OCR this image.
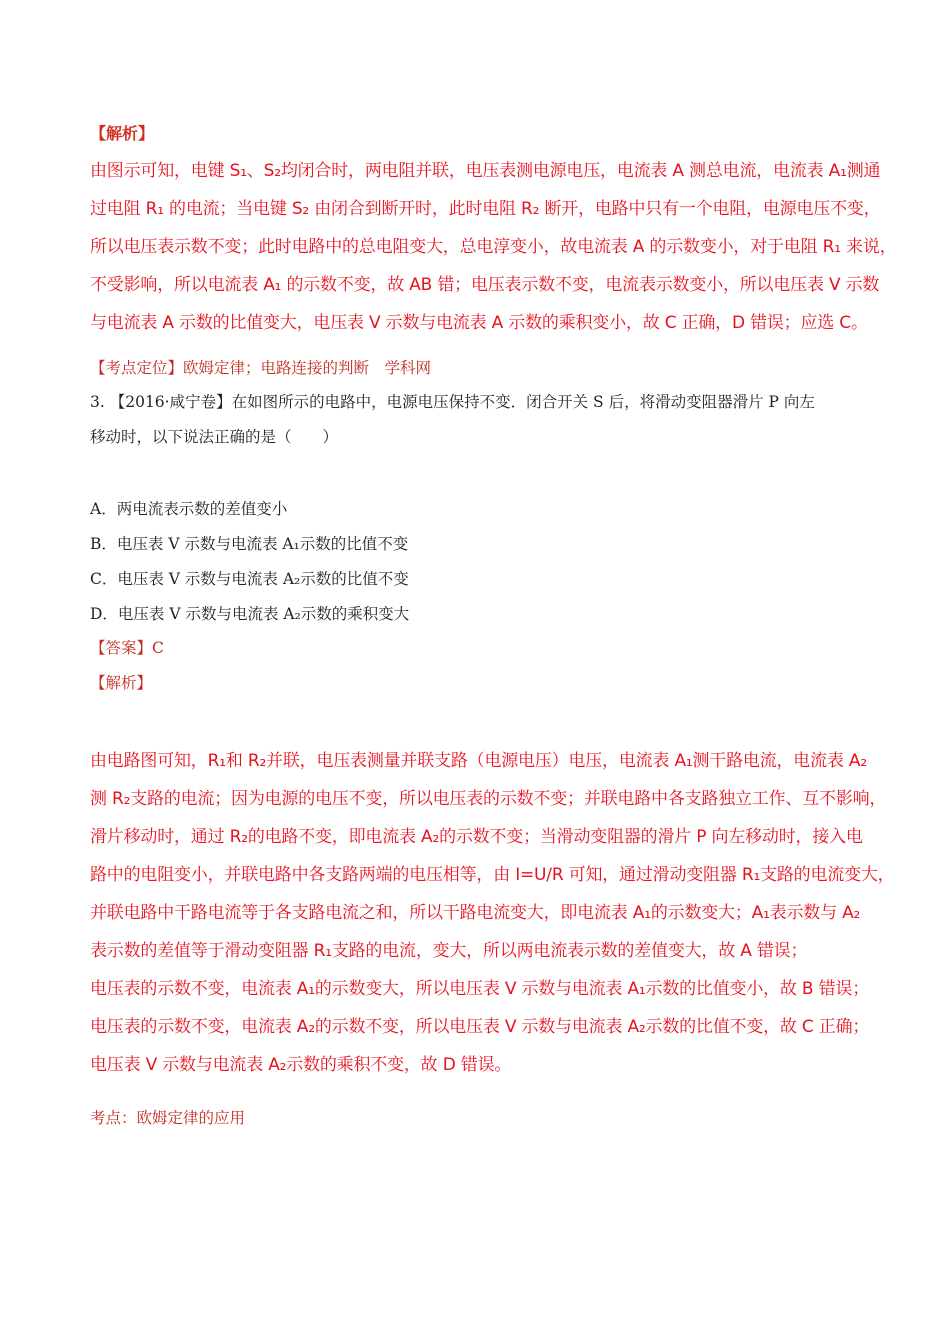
【解析】

由图示可知，电键 S₁、S₂均闭合时，两电阻并联，电压表测电源电压，电流表 A 测总电流，电流表 A₁测通

过电阻 R₁ 的电流；当电键 S₂ 由闭合到断开时，此时电阻 R₂ 断开，电路中只有一个电阻，电源电压不变，

所以电压表示数不变；此时电路中的总电阻变大，总电淳变小，故电流表 A 的示数变小，对于电阻 R₁ 来说，

不受影响，所以电流表 A₁ 的示数不变，故 AB 错；电压表示数不变，电流表示数变小，所以电压表 V 示数

与电流表 A 示数的比值变大，电压表 V 示数与电流表 A 示数的乘积变小，故 C 正确，D 错误；应选 C。

【考点定位】欧姆定律；电路连接的判断　学科网

3. 【2016·咸宁卷】在如图所示的电路中，电源电压保持不变．闭合开关 S 后，将滑动变阻器滑片 P 向左

移动时，以下说法正确的是（　　）

A．两电流表示数的差值变小

B．电压表 V 示数与电流表 A₁示数的比值不变

C．电压表 V 示数与电流表 A₂示数的比值不变

D．电压表 V 示数与电流表 A₂示数的乘积变大

【答案】C
【解析】

由电路图可知，R₁和 R₂并联，电压表测量并联支路（电源电压）电压，电流表 A₁测干路电流，电流表 A₂

测 R₂支路的电流；因为电源的电压不变，所以电压表的示数不变；并联电路中各支路独立工作、互不影响，

滑片移动时，通过 R₂的电路不变，即电流表 A₂的示数不变；当滑动变阻器的滑片 P 向左移动时，接入电

路中的电阻变小，并联电路中各支路两端的电压相等，由 I=U/R 可知，通过滑动变阻器 R₁支路的电流变大，

并联电路中干路电流等于各支路电流之和，所以干路电流变大，即电流表 A₁的示数变大；A₁表示数与 A₂

表示数的差值等于滑动变阻器 R₁支路的电流，变大，所以两电流表示数的差值变大，故 A 错误；

电压表的示数不变，电流表 A₁的示数变大，所以电压表 V 示数与电流表 A₁示数的比值变小，故 B 错误；

电压表的示数不变，电流表 A₂的示数不变，所以电压表 V 示数与电流表 A₂示数的比值不变，故 C 正确；

电压表 V 示数与电流表 A₂示数的乘积不变，故 D 错误。

考点：欧姆定律的应用
